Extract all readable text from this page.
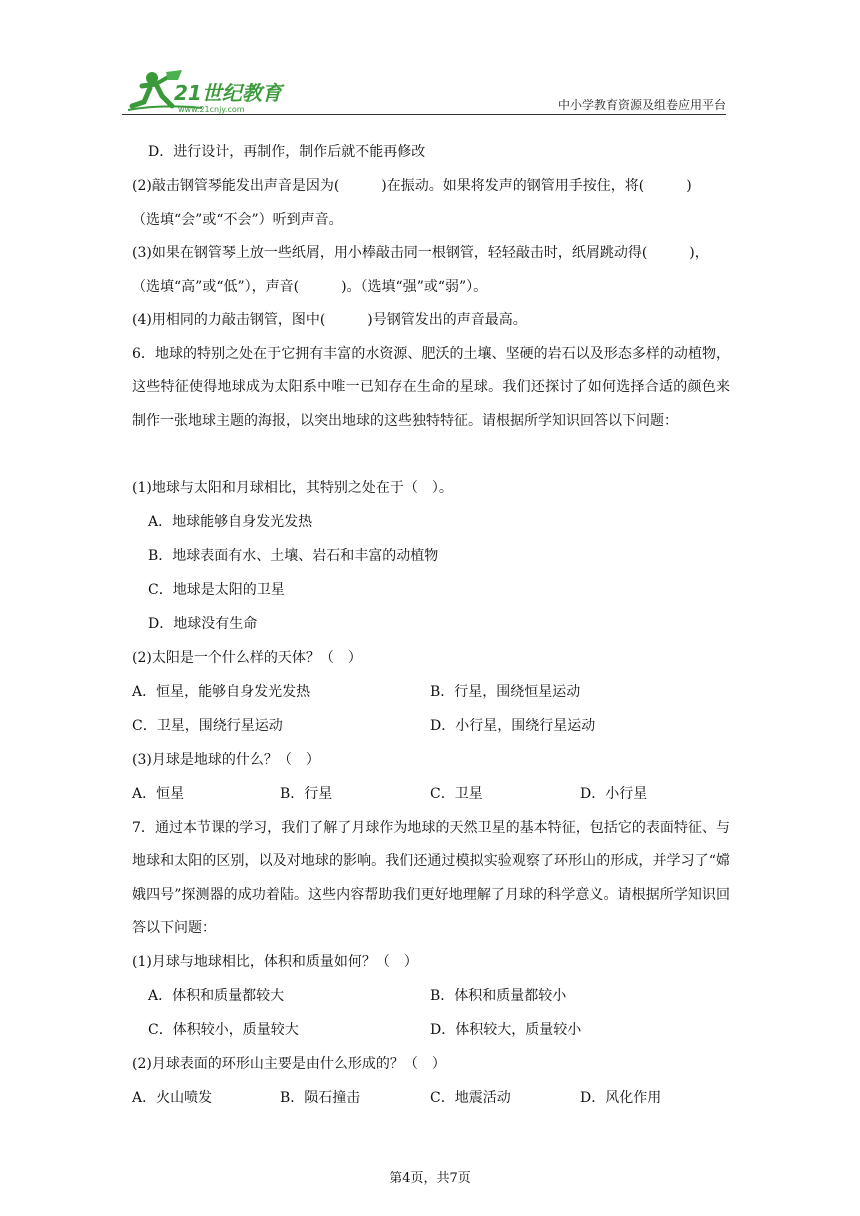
21世纪教育
www.21cnjy.com	中小学教育资源及组卷应用平台
D．进行设计，再制作，制作后就不能再修改
(2)敲击钢管琴能发出声音是因为(　　　)在振动。如果将发声的钢管用手按住，将(　　　)
（选填“会”或“不会”）听到声音。
(3)如果在钢管琴上放一些纸屑，用小棒敲击同一根钢管，轻轻敲击时，纸屑跳动得(　　　)，
（选填“高”或“低”），声音(　　　)。（选填“强”或“弱”）。
(4)用相同的力敲击钢管，图中(　　　)号钢管发出的声音最高。
6．地球的特别之处在于它拥有丰富的水资源、肥沃的土壤、坚硬的岩石以及形态多样的动植物，这些特征使得地球成为太阳系中唯一已知存在生命的星球。我们还探讨了如何选择合适的颜色来制作一张地球主题的海报，以突出地球的这些独特特征。请根据所学知识回答以下问题：
(1)地球与太阳和月球相比，其特别之处在于（　）。
A．地球能够自身发光发热
B．地球表面有水、土壤、岩石和丰富的动植物
C．地球是太阳的卫星
D．地球没有生命
(2)太阳是一个什么样的天体？（　）
A．恒星，能够自身发光发热	B．行星，围绕恒星运动
C．卫星，围绕行星运动	D．小行星，围绕行星运动
(3)月球是地球的什么？（　）
A．恒星	B．行星	C．卫星	D．小行星
7．通过本节课的学习，我们了解了月球作为地球的天然卫星的基本特征，包括它的表面特征、与地球和太阳的区别，以及对地球的影响。我们还通过模拟实验观察了环形山的形成，并学习了“嫦娥四号”探测器的成功着陆。这些内容帮助我们更好地理解了月球的科学意义。请根据所学知识回答以下问题：
(1)月球与地球相比，体积和质量如何？（　）
A．体积和质量都较大	B．体积和质量都较小
C．体积较小，质量较大	D．体积较大，质量较小
(2)月球表面的环形山主要是由什么形成的？（　）
A．火山喷发	B．陨石撞击	C．地震活动	D．风化作用
第4页，共7页
